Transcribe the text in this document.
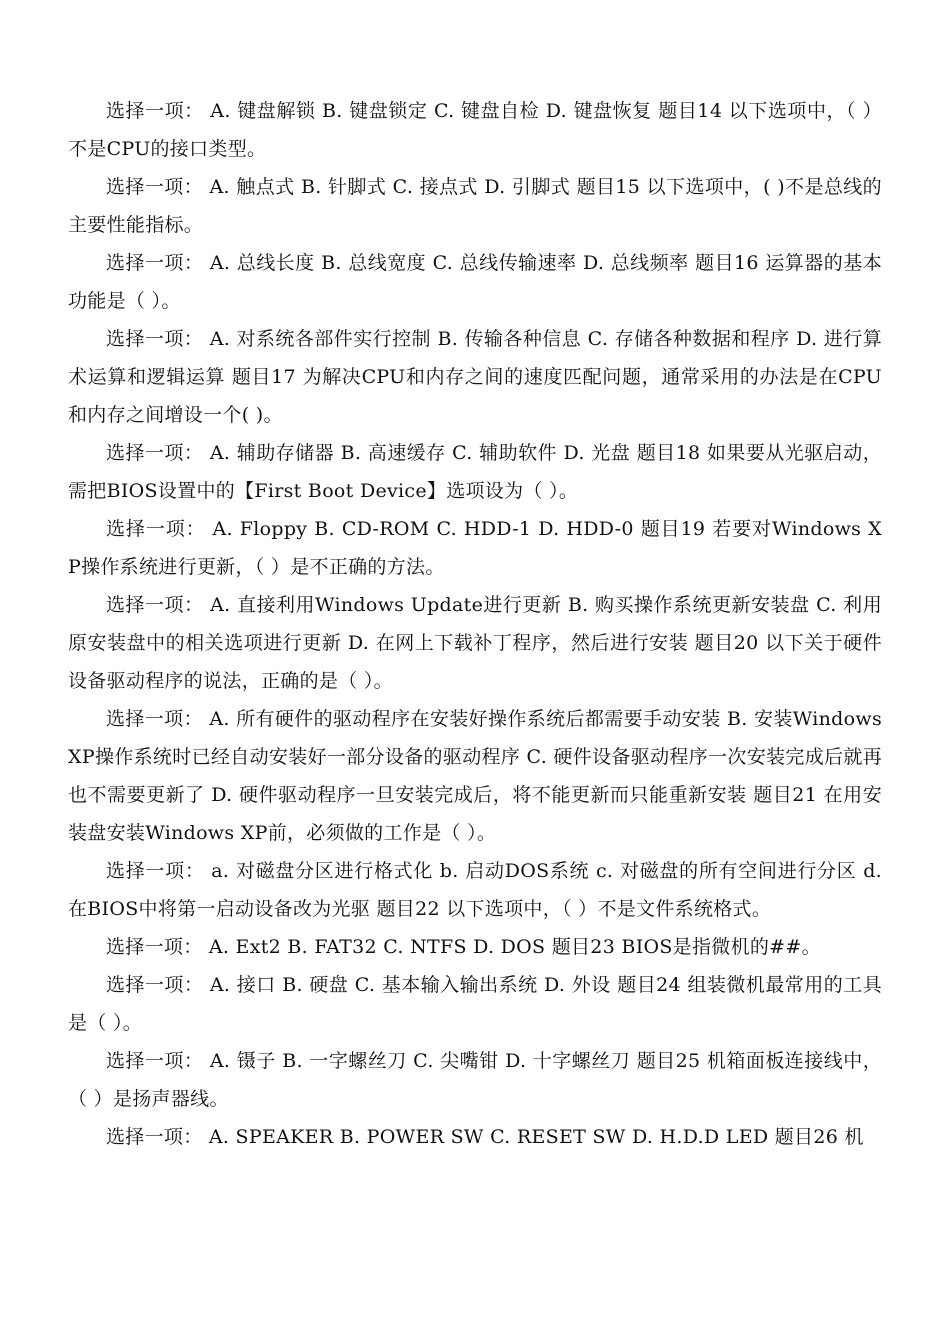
选择一项： A. 键盘解锁 B. 键盘锁定 C. 键盘自检 D. 键盘恢复 题目14 以下选项中，（ ）不是CPU的接口类型。

选择一项： A. 触点式 B. 针脚式 C. 接点式 D. 引脚式 题目15 以下选项中，( )不是总线的主要性能指标。

选择一项： A. 总线长度 B. 总线宽度 C. 总线传输速率 D. 总线频率 题目16 运算器的基本功能是（ ）。

选择一项： A. 对系统各部件实行控制 B. 传输各种信息 C. 存储各种数据和程序 D. 进行算术运算和逻辑运算 题目17 为解决CPU和内存之间的速度匹配问题，通常采用的办法是在CPU和内存之间增设一个( )。

选择一项： A. 辅助存储器 B. 高速缓存 C. 辅助软件 D. 光盘 题目18 如果要从光驱启动，需把BIOS设置中的【First Boot Device】选项设为（ ）。

选择一项： A. Floppy B. CD-ROM C. HDD-1 D. HDD-0 题目19 若要对Windows XP操作系统进行更新，（ ）是不正确的方法。

选择一项： A. 直接利用Windows Update进行更新 B. 购买操作系统更新安装盘 C. 利用原安装盘中的相关选项进行更新 D. 在网上下载补丁程序，然后进行安装 题目20 以下关于硬件设备驱动程序的说法，正确的是（ ）。

选择一项： A. 所有硬件的驱动程序在安装好操作系统后都需要手动安装 B. 安装Windows XP操作系统时已经自动安装好一部分设备的驱动程序 C. 硬件设备驱动程序一次安装完成后就再也不需要更新了 D. 硬件驱动程序一旦安装完成后，将不能更新而只能重新安装 题目21 在用安装盘安装Windows XP前，必须做的工作是（ ）。

选择一项： a. 对磁盘分区进行格式化 b. 启动DOS系统 c. 对磁盘的所有空间进行分区 d. 在BIOS中将第一启动设备改为光驱 题目22 以下选项中，（ ）不是文件系统格式。

选择一项： A. Ext2 B. FAT32 C. NTFS D. DOS 题目23 BIOS是指微机的##。

选择一项： A. 接口 B. 硬盘 C. 基本输入输出系统 D. 外设 题目24 组装微机最常用的工具是（ ）。

选择一项： A. 镊子 B. 一字螺丝刀 C. 尖嘴钳 D. 十字螺丝刀 题目25 机箱面板连接线中，（ ）是扬声器线。

选择一项： A. SPEAKER B. POWER SW C. RESET SW D. H.D.D LED 题目26 机
